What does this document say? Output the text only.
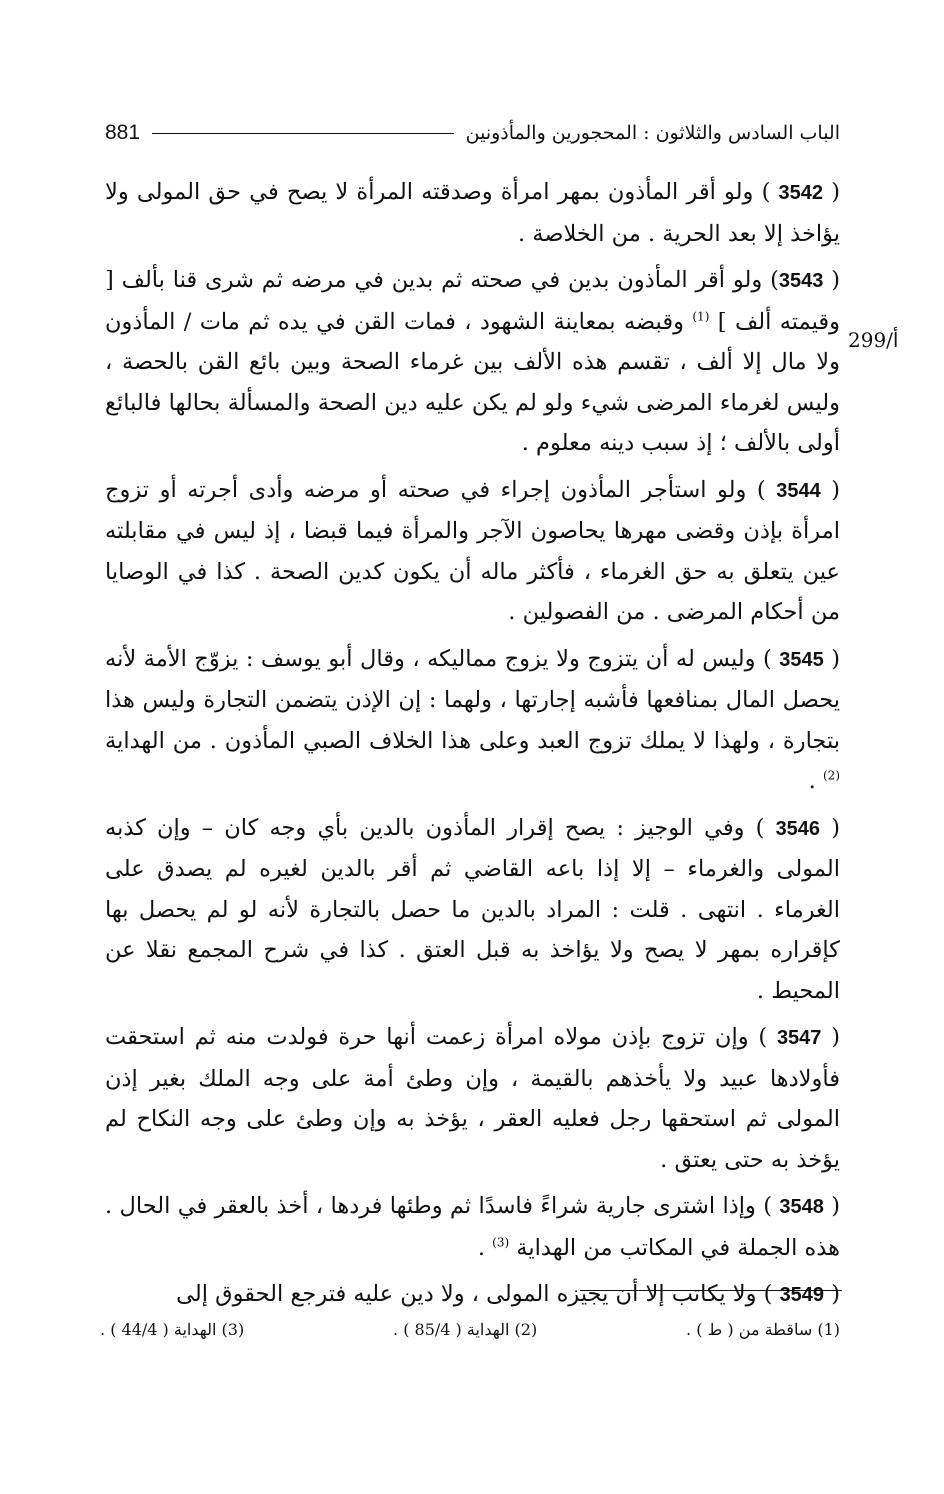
الباب السادس والثلاثون : المحجورين والمأذونين
881
299/أ

( 3542 ) ولو أقر المأذون بمهر امرأة وصدقته المرأة لا يصح في حق المولى ولا يؤاخذ إلا بعد الحرية . من الخلاصة .

( 3543) ولو أقر المأذون بدين في صحته ثم بدين في مرضه ثم شرى قنا بألف [ وقيمته ألف ] $^{(1)}$ وقبضه بمعاينة الشهود ، فمات القن في يده ثم مات / المأذون ولا مال إلا ألف ، تقسم هذه الألف بين غرماء الصحة وبين بائع القن بالحصة ، وليس لغرماء المرضى شيء ولو لم يكن عليه دين الصحة والمسألة بحالها فالبائع أولى بالألف ؛ إذ سبب دينه معلوم .

( 3544 ) ولو استأجر المأذون إجراء في صحته أو مرضه وأدى أجرته أو تزوج امرأة بإذن وقضى مهرها يحاصون الآجر والمرأة فيما قبضا ، إذ ليس في مقابلته عين يتعلق به حق الغرماء ، فأكثر ماله أن يكون كدين الصحة . كذا في الوصايا من أحكام المرضى . من الفصولين .

( 3545 ) وليس له أن يتزوج ولا يزوج مماليكه ، وقال أبو يوسف : يزوّج الأمة لأنه يحصل المال بمنافعها فأشبه إجارتها ، ولهما : إن الإذن يتضمن التجارة وليس هذا بتجارة ، ولهذا لا يملك تزوج العبد وعلى هذا الخلاف الصبي المأذون . من الهداية $^{(2)}$ .

( 3546 ) وفي الوجيز : يصح إقرار المأذون بالدين بأي وجه كان – وإن كذبه المولى والغرماء – إلا إذا باعه القاضي ثم أقر بالدين لغيره لم يصدق على الغرماء . انتهى . قلت : المراد بالدين ما حصل بالتجارة لأنه لو لم يحصل بها كإقراره بمهر لا يصح ولا يؤاخذ به قبل العتق . كذا في شرح المجمع نقلا عن المحيط .

( 3547 ) وإن تزوج بإذن مولاه امرأة زعمت أنها حرة فولدت منه ثم استحقت فأولادها عبيد ولا يأخذهم بالقيمة ، وإن وطئ أمة على وجه الملك بغير إذن المولى ثم استحقها رجل فعليه العقر ، يؤخذ به وإن وطئ على وجه النكاح لم يؤخذ به حتى يعتق .

( 3548 ) وإذا اشترى جارية شراءً فاسدًا ثم وطئها فردها ، أخذ بالعقر في الحال . هذه الجملة في المكاتب من الهداية $^{(3)}$ .

( 3549 ) ولا يكاتب إلا أن يجيزه المولى ، ولا دين عليه فترجع الحقوق إلى

(1) ساقطة من ( ط ) .
(2) الهداية ( 85/4 ) .
(3) الهداية ( 44/4 ) .
